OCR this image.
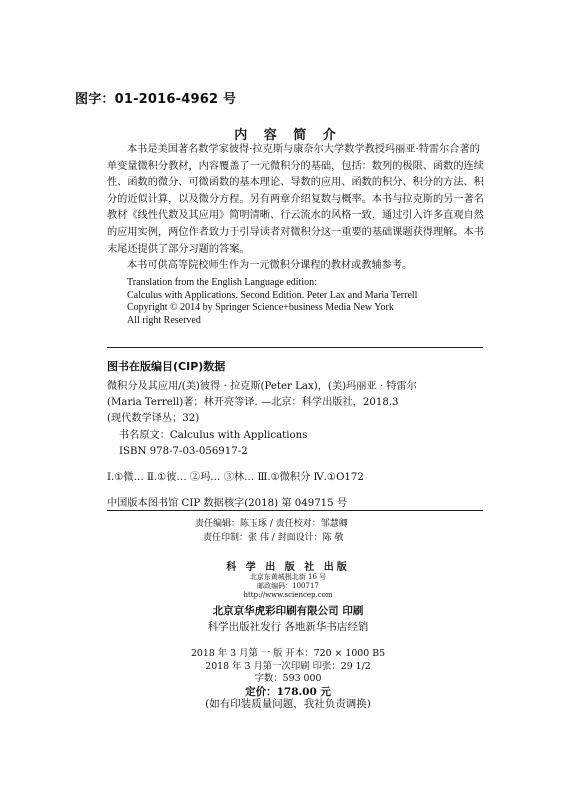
图字：01-2016-4962 号
内 容 简 介

本书是美国著名数学家彼得·拉克斯与康奈尔大学数学教授玛丽亚·特雷尔合著的单变量微积分教材，内容覆盖了一元微积分的基础，包括：数列的极限、函数的连续性、函数的微分、可微函数的基本理论、导数的应用、函数的积分、积分的方法、积分的近似计算，以及微分方程。另有两章介绍复数与概率。本书与拉克斯的另一著名教材《线性代数及其应用》简明清晰、行云流水的风格一致，通过引入许多直观自然的应用实例，两位作者致力于引导读者对微积分这一重要的基础课题获得理解。本书末尾还提供了部分习题的答案。

本书可供高等院校师生作为一元微积分课程的教材或教辅参考。

Translation from the English Language edition:
Calculus with Applications. Second Edition. Peter Lax and Maria Terrell
Copyright © 2014 by Springer Science+business Media New York
All right Reserved
图书在版编目(CIP)数据
微积分及其应用/(美)彼得 · 拉克斯(Peter Lax)，(美)玛丽亚 · 特雷尔
(Maria Terrell)著；林开亮等译. —北京：科学出版社，2018.3
(现代数学译丛；32)
书名原文：Calculus with Applications
ISBN 978-7-03-056917-2
Ⅰ.①微… Ⅱ.①彼… ②玛… ③林… Ⅲ.①微积分 Ⅳ.①O172
中国版本图书馆 CIP 数据核字(2018) 第 049715 号
责任编辑：陈玉琢 / 责任校对：邹慧卿
责任印制：张 伟 / 封面设计：陈 敬
科 学 出 版 社 出版
北京东黄城根北街 16 号
邮政编码：100717
http://www.sciencep.com
北京京华虎彩印刷有限公司 印刷
科学出版社发行 各地新华书店经销
2018 年 3 月第 一 版 开本：720 × 1000 B5
2018 年 3 月第一次印刷 印张：29 1/2
字数：593 000
定价：178.00 元
(如有印装质量问题，我社负责调换)
